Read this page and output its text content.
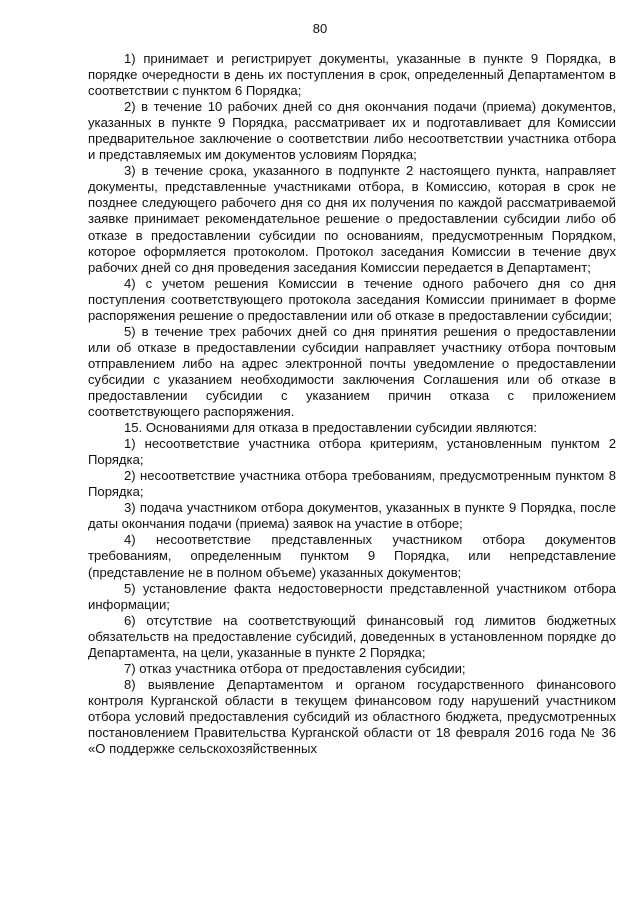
80

1) принимает и регистрирует документы, указанные в пункте 9 Порядка, в порядке очередности в день их поступления в срок, определенный Департаментом в соответствии с пунктом 6 Порядка;

2) в течение 10 рабочих дней со дня окончания подачи (приема) документов, указанных в пункте 9 Порядка, рассматривает их и подготавливает для Комиссии предварительное заключение о соответствии либо несоответствии участника отбора и представляемых им документов условиям Порядка;

3) в течение срока, указанного в подпункте 2 настоящего пункта, направляет документы, представленные участниками отбора, в Комиссию, которая в срок не позднее следующего рабочего дня со дня их получения по каждой рассматриваемой заявке принимает рекомендательное решение о предоставлении субсидии либо об отказе в предоставлении субсидии по основаниям, предусмотренным Порядком, которое оформляется протоколом. Протокол заседания Комиссии в течение двух рабочих дней со дня проведения заседания Комиссии передается в Департамент;

4) с учетом решения Комиссии в течение одного рабочего дня со дня поступления соответствующего протокола заседания Комиссии принимает в форме распоряжения решение о предоставлении или об отказе в предоставлении субсидии;

5) в течение трех рабочих дней со дня принятия решения о предоставлении или об отказе в предоставлении субсидии направляет участнику отбора почтовым отправлением либо на адрес электронной почты уведомление о предоставлении субсидии с указанием необходимости заключения Соглашения или об отказе в предоставлении субсидии с указанием причин отказа с приложением соответствующего распоряжения.

15. Основаниями для отказа в предоставлении субсидии являются:

1) несоответствие участника отбора критериям, установленным пунктом 2 Порядка;

2) несоответствие участника отбора требованиям, предусмотренным пунктом 8 Порядка;

3) подача участником отбора документов, указанных в пункте 9 Порядка, после даты окончания подачи (приема) заявок на участие в отборе;

4) несоответствие представленных участником отбора документов требованиям, определенным пунктом 9 Порядка, или непредставление (представление не в полном объеме) указанных документов;

5) установление факта недостоверности представленной участником отбора информации;

6) отсутствие на соответствующий финансовый год лимитов бюджетных обязательств на предоставление субсидий, доведенных в установленном порядке до Департамента, на цели, указанные в пункте 2 Порядка;

7) отказ участника отбора от предоставления субсидии;

8) выявление Департаментом и органом государственного финансового контроля Курганской области в текущем финансовом году нарушений участником отбора условий предоставления субсидий из областного бюджета, предусмотренных постановлением Правительства Курганской области от 18 февраля 2016 года № 36 «О поддержке сельскохозяйственных
